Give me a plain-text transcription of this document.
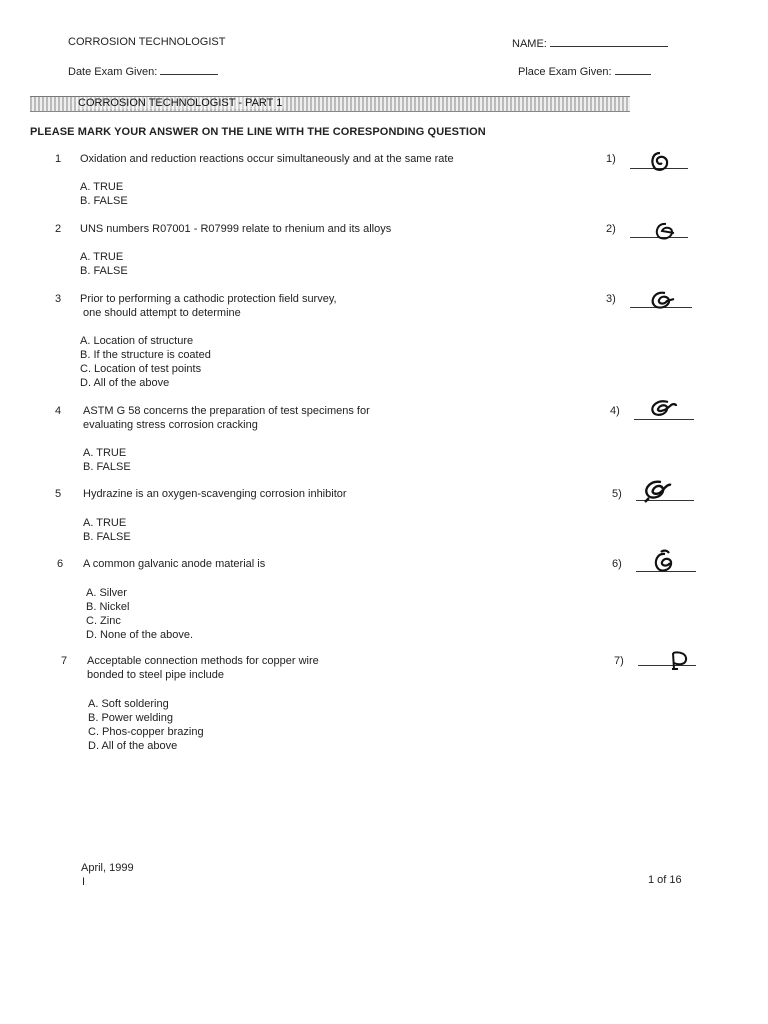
CORROSION TECHNOLOGIST	NAME:
Date Exam Given:	Place Exam Given:
CORROSION TECHNOLOGIST - PART 1
PLEASE MARK YOUR ANSWER ON THE LINE WITH THE CORESPONDING QUESTION
1	Oxidation and reduction reactions occur simultaneously and at the same rate
A. TRUE
B. FALSE
1)
2	UNS numbers R07001 - R07999 relate to rhenium and its alloys
A. TRUE
B. FALSE
2)
3	Prior to performing a cathodic protection field survey,
one should attempt to determine
A. Location of structure
B. If the structure is coated
C. Location of test points
D. All of the above
3)
4	ASTM G 58 concerns the preparation of test specimens for
evaluating stress corrosion cracking
A. TRUE
B. FALSE
4)
5	Hydrazine is an oxygen-scavenging corrosion inhibitor
A. TRUE
B. FALSE
5)
6	A common galvanic anode material is
A. Silver
B. Nickel
C. Zinc
D. None of the above.
6)
7	Acceptable connection methods for copper wire
bonded to steel pipe include
A. Soft soldering
B. Power welding
C. Phos-copper brazing
D. All of the above
7)
April, 1999
I	1 of 16
